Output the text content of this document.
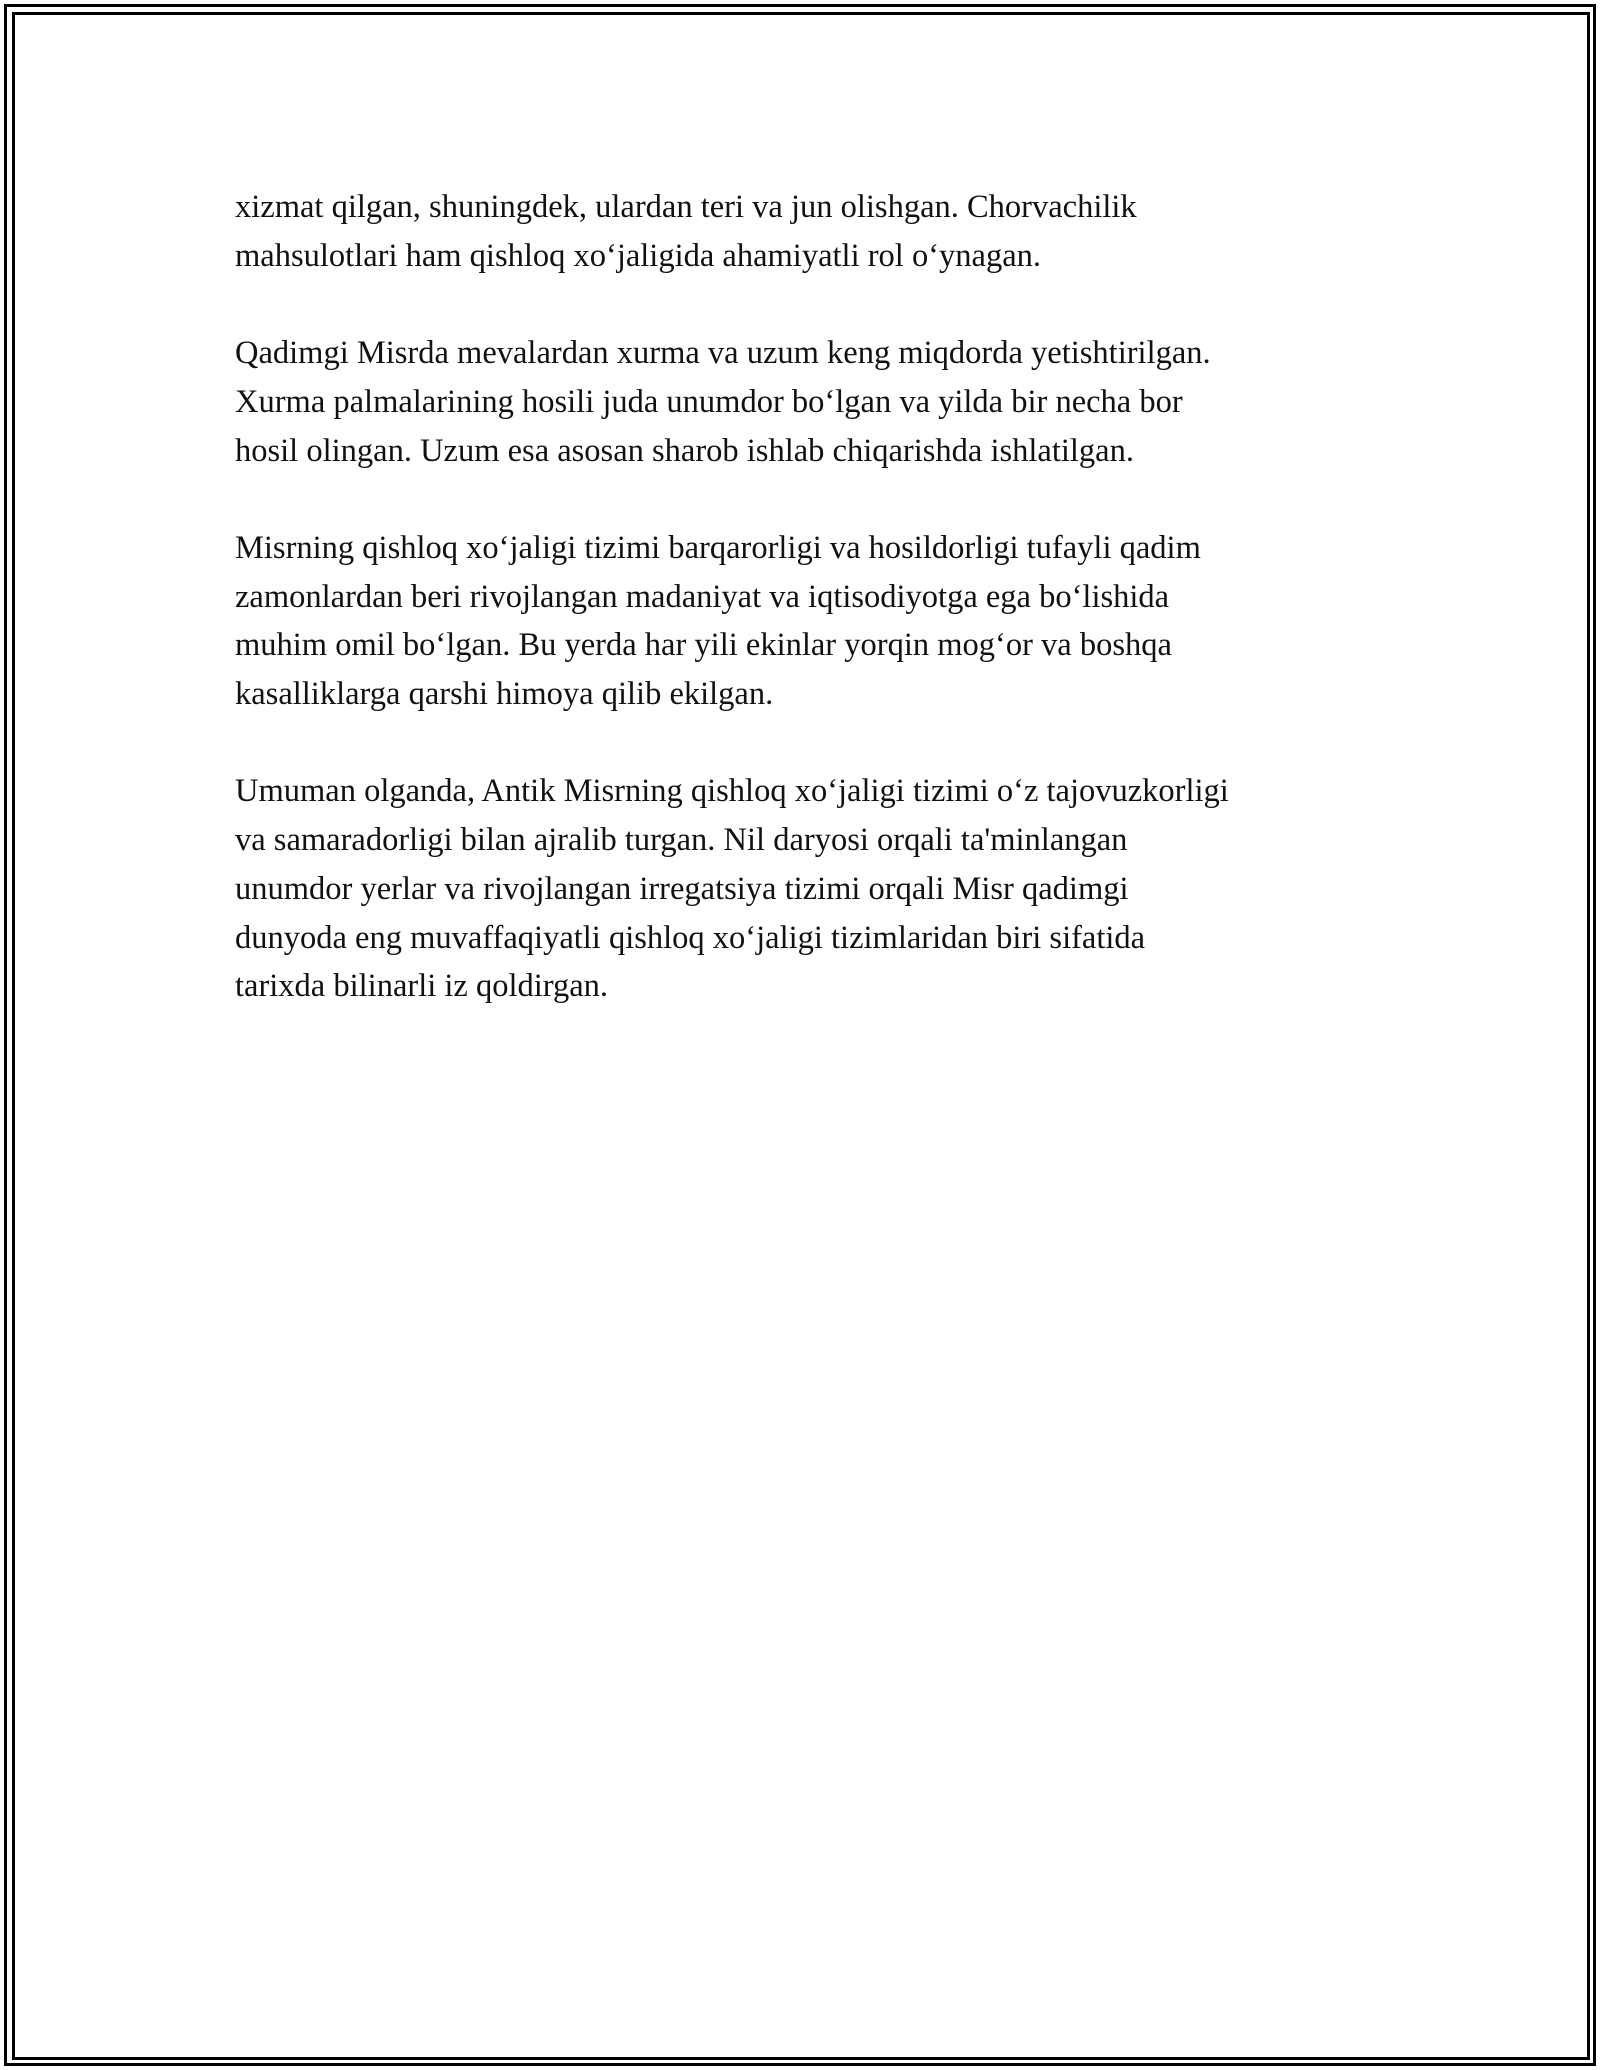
xizmat qilgan, shuningdek, ulardan teri va jun olishgan. Chorvachilik
mahsulotlari ham qishloq xo‘jaligida ahamiyatli rol o‘ynagan.

Qadimgi Misrda mevalardan xurma va uzum keng miqdorda yetishtirilgan.
Xurma palmalarining hosili juda unumdor bo‘lgan va yilda bir necha bor
hosil olingan. Uzum esa asosan sharob ishlab chiqarishda ishlatilgan.

Misrning qishloq xo‘jaligi tizimi barqarorligi va hosildorligi tufayli qadim
zamonlardan beri rivojlangan madaniyat va iqtisodiyotga ega bo‘lishida
muhim omil bo‘lgan. Bu yerda har yili ekinlar yorqin mog‘or va boshqa
kasalliklarga qarshi himoya qilib ekilgan.

Umuman olganda, Antik Misrning qishloq xo‘jaligi tizimi o‘z tajovuzkorligi
va samaradorligi bilan ajralib turgan. Nil daryosi orqali ta'minlangan
unumdor yerlar va rivojlangan irregatsiya tizimi orqali Misr qadimgi
dunyoda eng muvaffaqiyatli qishloq xo‘jaligi tizimlaridan biri sifatida
tarixda bilinarli iz qoldirgan.
